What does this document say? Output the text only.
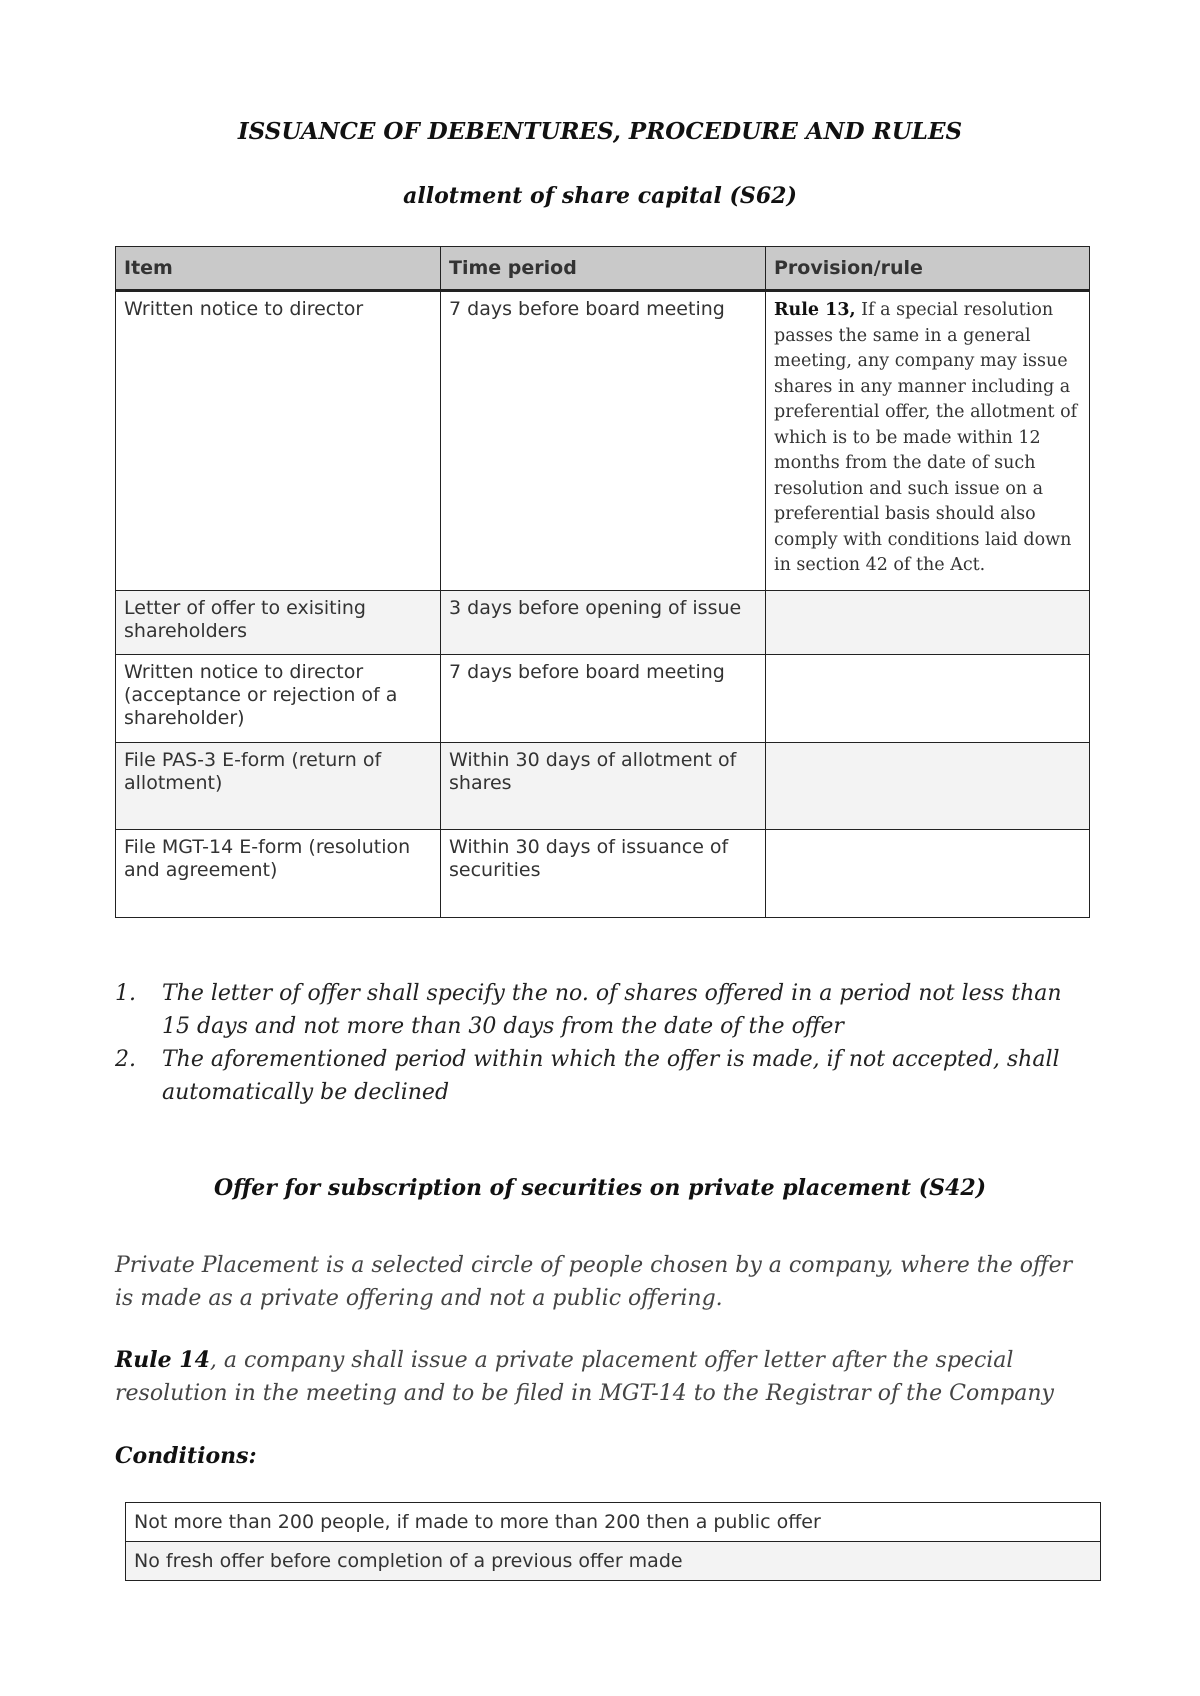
ISSUANCE OF DEBENTURES, PROCEDURE AND RULES
allotment of share capital (S62)
Item	Time period	Provision/rule
Written notice to director	7 days before board meeting	Rule 13, If a special resolution passes the same in a general meeting, any company may issue shares in any manner including a preferential offer, the allotment of which is to be made within 12 months from the date of such resolution and such issue on a preferential basis should also comply with conditions laid down in section 42 of the Act.

Letter of offer to exisiting shareholders	3 days before opening of issue	
Written notice to director (acceptance or rejection of a shareholder)	7 days before board meeting	
File PAS-3 E-form (return of allotment)	Within 30 days of allotment of shares	
File MGT-14 E-form (resolution and agreement)	Within 30 days of issuance of securities	
1. The letter of offer shall specify the no. of shares offered in a period not less than 15 days and not more than 30 days from the date of the offer
2. The aforementioned period within which the offer is made, if not accepted, shall automatically be declined
Offer for subscription of securities on private placement (S42)
Private Placement is a selected circle of people chosen by a company, where the offer is made as a private offering and not a public offering.
Rule 14, a company shall issue a private placement offer letter after the special resolution in the meeting and to be filed in MGT-14 to the Registrar of the Company
Conditions:
Not more than 200 people, if made to more than 200 then a public offer
No fresh offer before completion of a previous offer made
